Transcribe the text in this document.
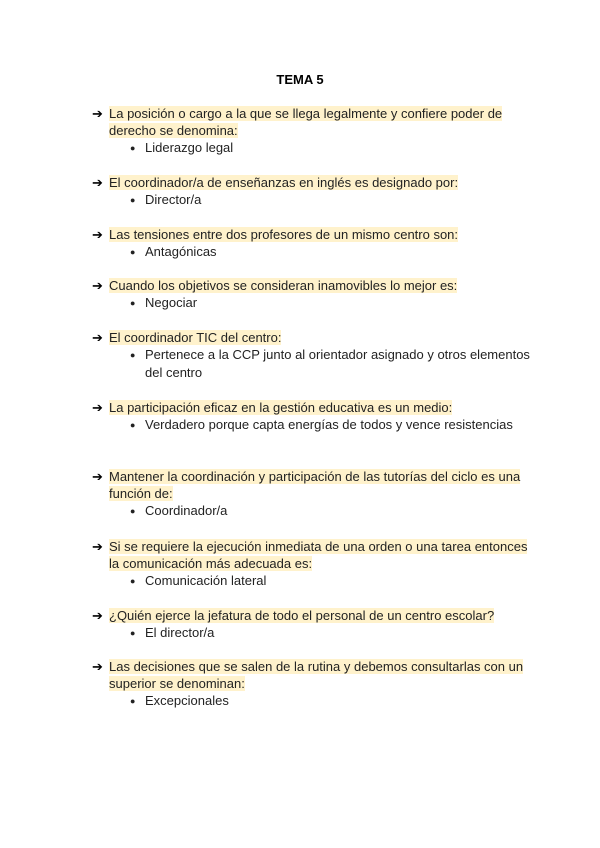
TEMA 5
➔ La posición o cargo a la que se llega legalmente y confiere poder de derecho se denomina:
● Liderazgo legal
➔ El coordinador/a de enseñanzas en inglés es designado por:
● Director/a
➔ Las tensiones entre dos profesores de un mismo centro son:
● Antagónicas
➔ Cuando los objetivos se consideran inamovibles lo mejor es:
● Negociar
➔ El coordinador TIC del centro:
● Pertenece a la CCP junto al orientador asignado y otros elementos del centro
➔ La participación eficaz en la gestión educativa es un medio:
● Verdadero porque capta energías de todos y vence resistencias
➔ Mantener la coordinación y participación de las tutorías del ciclo es una función de:
● Coordinador/a
➔ Si se requiere la ejecución inmediata de una orden o una tarea entonces la comunicación más adecuada es:
● Comunicación lateral
➔ ¿Quién ejerce la jefatura de todo el personal de un centro escolar?
● El director/a
➔ Las decisiones que se salen de la rutina y debemos consultarlas con un superior se denominan:
● Excepcionales
